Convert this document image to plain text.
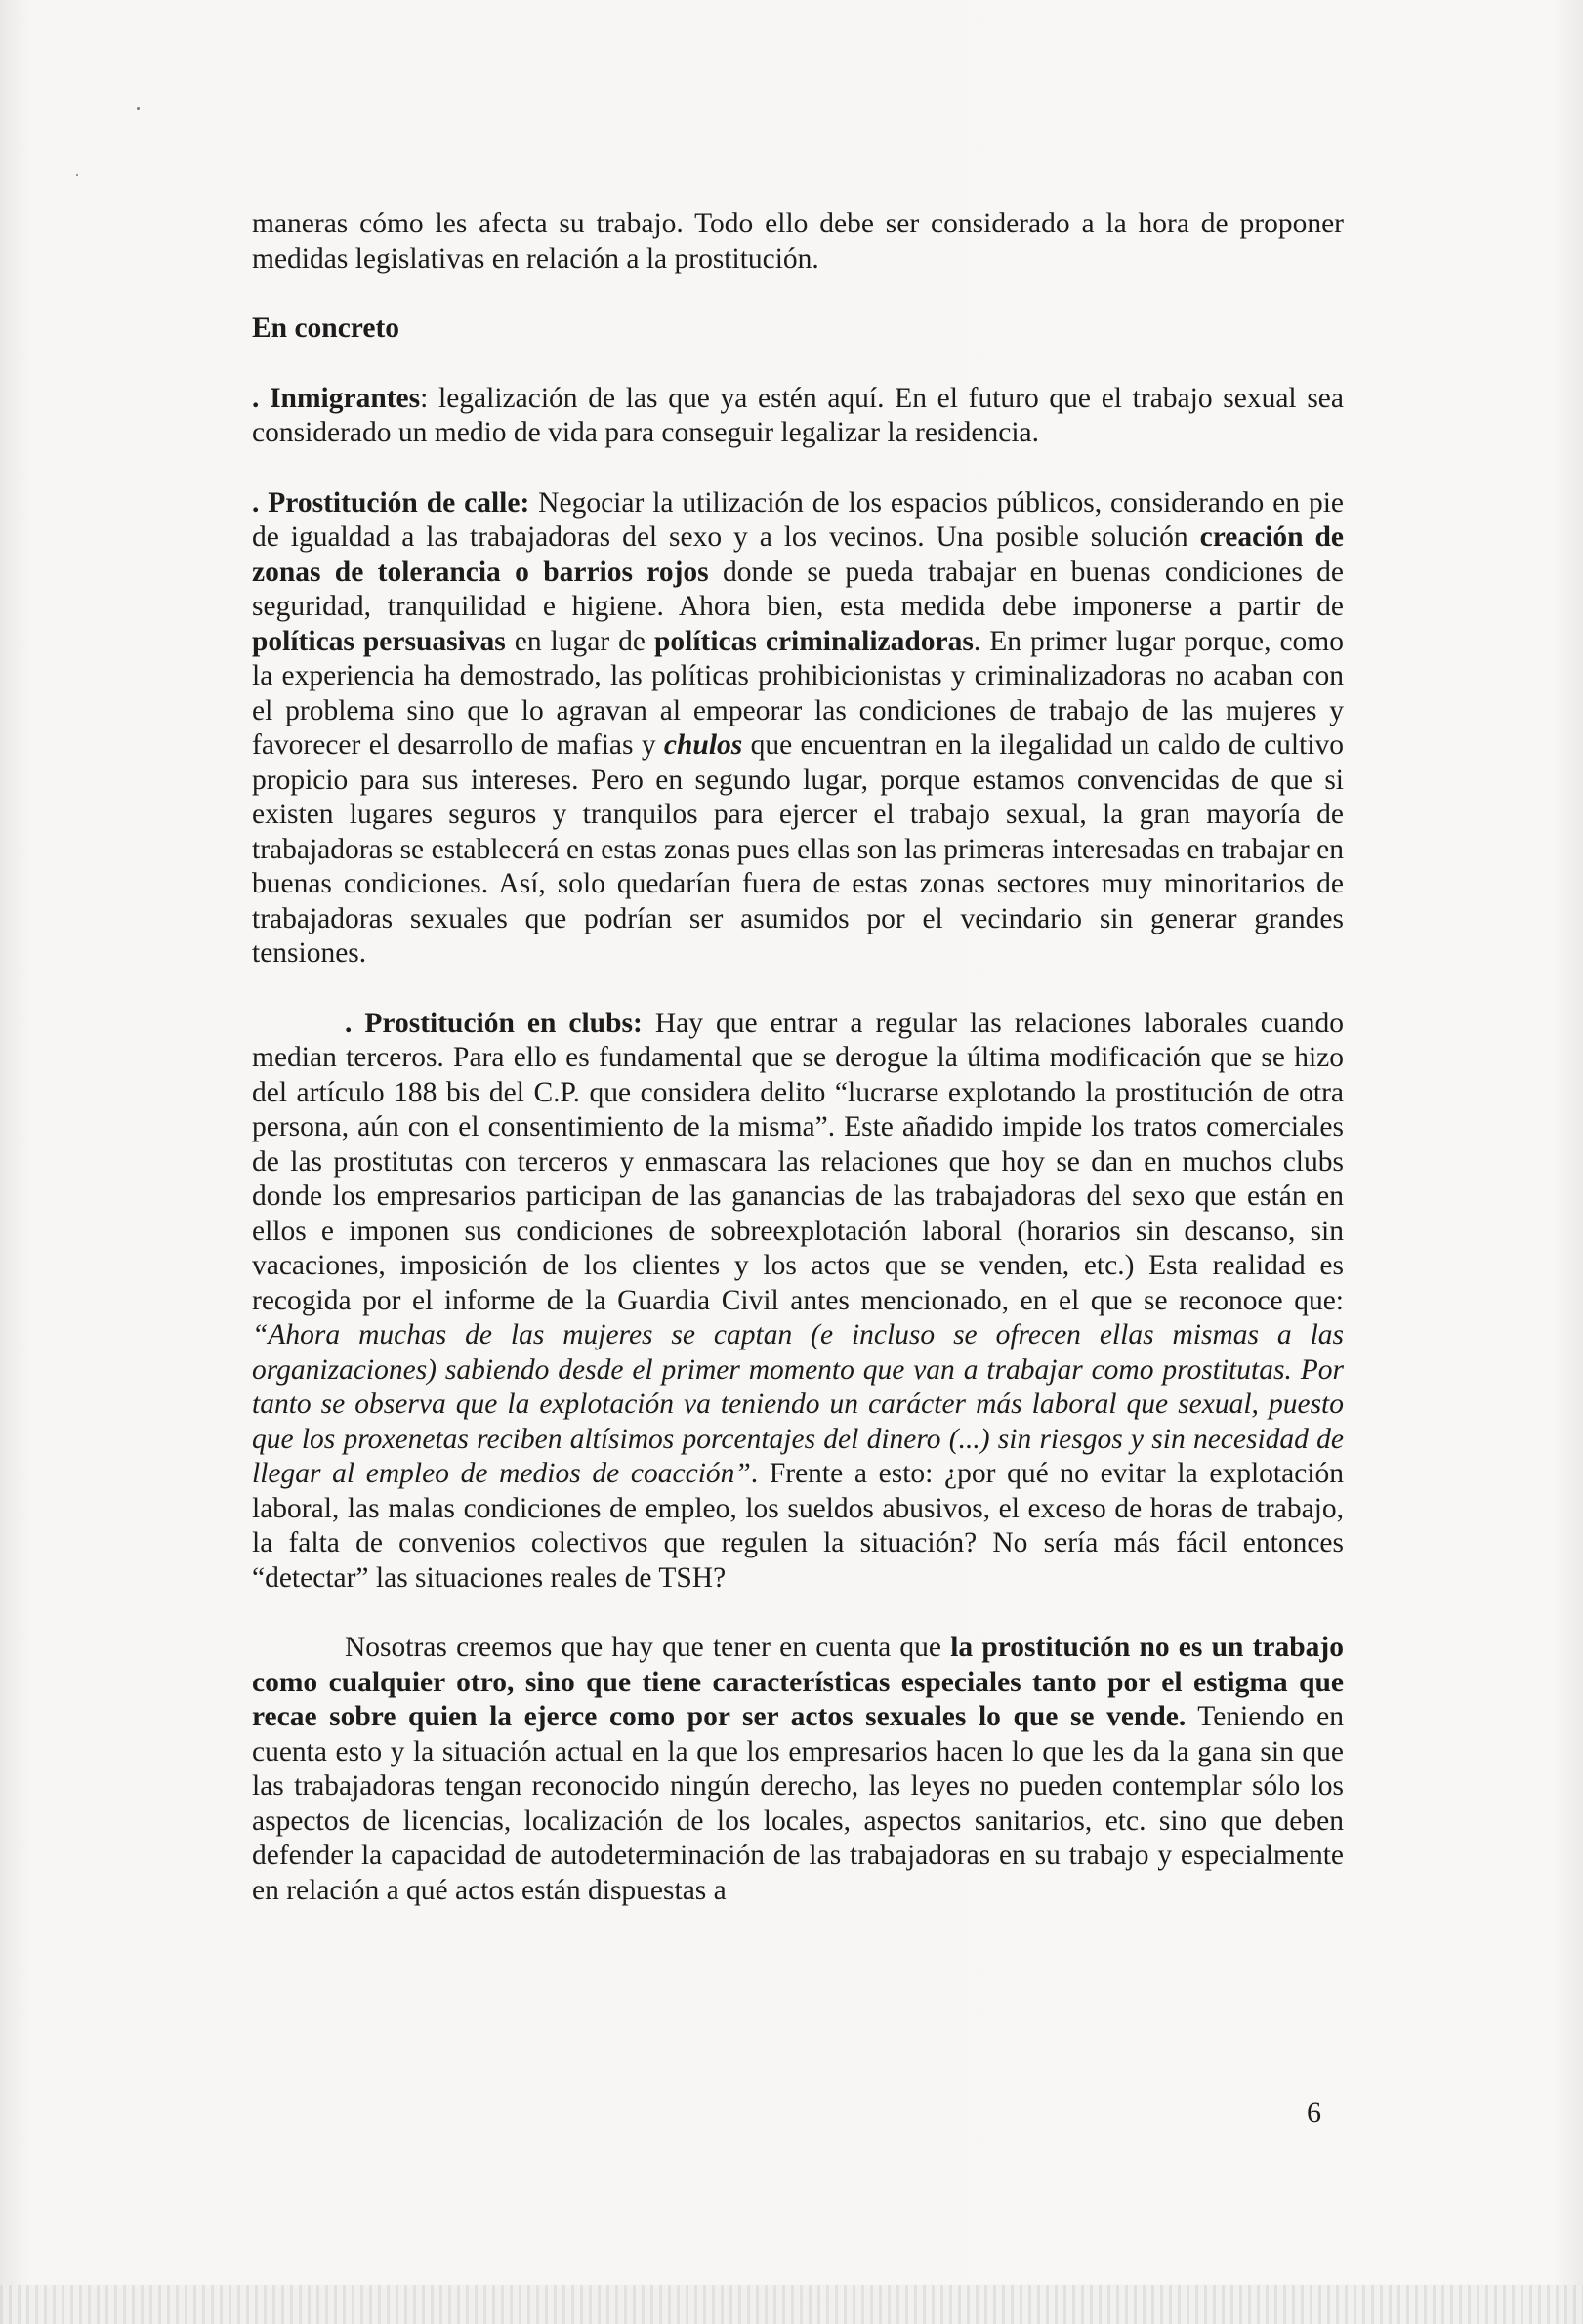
maneras cómo les afecta su trabajo. Todo ello debe ser considerado a la hora de proponer medidas legislativas en relación a la prostitución.

En concreto

. Inmigrantes: legalización de las que ya estén aquí. En el futuro que el trabajo sexual sea considerado un medio de vida para conseguir legalizar la residencia.

. Prostitución de calle: Negociar la utilización de los espacios públicos, considerando en pie de igualdad a las trabajadoras del sexo y a los vecinos. Una posible solución creación de zonas de tolerancia o barrios rojos donde se pueda trabajar en buenas condiciones de seguridad, tranquilidad e higiene. Ahora bien, esta medida debe imponerse a partir de políticas persuasivas en lugar de políticas criminalizadoras. En primer lugar porque, como la experiencia ha demostrado, las políticas prohibicionistas y criminalizadoras no acaban con el problema sino que lo agravan al empeorar las condiciones de trabajo de las mujeres y favorecer el desarrollo de mafias y chulos que encuentran en la ilegalidad un caldo de cultivo propicio para sus intereses. Pero en segundo lugar, porque estamos convencidas de que si existen lugares seguros y tranquilos para ejercer el trabajo sexual, la gran mayoría de trabajadoras se establecerá en estas zonas pues ellas son las primeras interesadas en trabajar en buenas condiciones. Así, solo quedarían fuera de estas zonas sectores muy minoritarios de trabajadoras sexuales que podrían ser asumidos por el vecindario sin generar grandes tensiones.

. Prostitución en clubs: Hay que entrar a regular las relaciones laborales cuando median terceros. Para ello es fundamental que se derogue la última modificación que se hizo del artículo 188 bis del C.P. que considera delito “lucrarse explotando la prostitución de otra persona, aún con el consentimiento de la misma”. Este añadido impide los tratos comerciales de las prostitutas con terceros y enmascara las relaciones que hoy se dan en muchos clubs donde los empresarios participan de las ganancias de las trabajadoras del sexo que están en ellos e imponen sus condiciones de sobreexplotación laboral (horarios sin descanso, sin vacaciones, imposición de los clientes y los actos que se venden, etc.) Esta realidad es recogida por el informe de la Guardia Civil antes mencionado, en el que se reconoce que: “Ahora muchas de las mujeres se captan (e incluso se ofrecen ellas mismas a las organizaciones) sabiendo desde el primer momento que van a trabajar como prostitutas. Por tanto se observa que la explotación va teniendo un carácter más laboral que sexual, puesto que los proxenetas reciben altísimos porcentajes del dinero (...) sin riesgos y sin necesidad de llegar al empleo de medios de coacción”. Frente a esto: ¿por qué no evitar la explotación laboral, las malas condiciones de empleo, los sueldos abusivos, el exceso de horas de trabajo, la falta de convenios colectivos que regulen la situación? No sería más fácil entonces “detectar” las situaciones reales de TSH?

Nosotras creemos que hay que tener en cuenta que la prostitución no es un trabajo como cualquier otro, sino que tiene características especiales tanto por el estigma que recae sobre quien la ejerce como por ser actos sexuales lo que se vende. Teniendo en cuenta esto y la situación actual en la que los empresarios hacen lo que les da la gana sin que las trabajadoras tengan reconocido ningún derecho, las leyes no pueden contemplar sólo los aspectos de licencias, localización de los locales, aspectos sanitarios, etc. sino que deben defender la capacidad de autodeterminación de las trabajadoras en su trabajo y especialmente en relación a qué actos están dispuestas a

6
